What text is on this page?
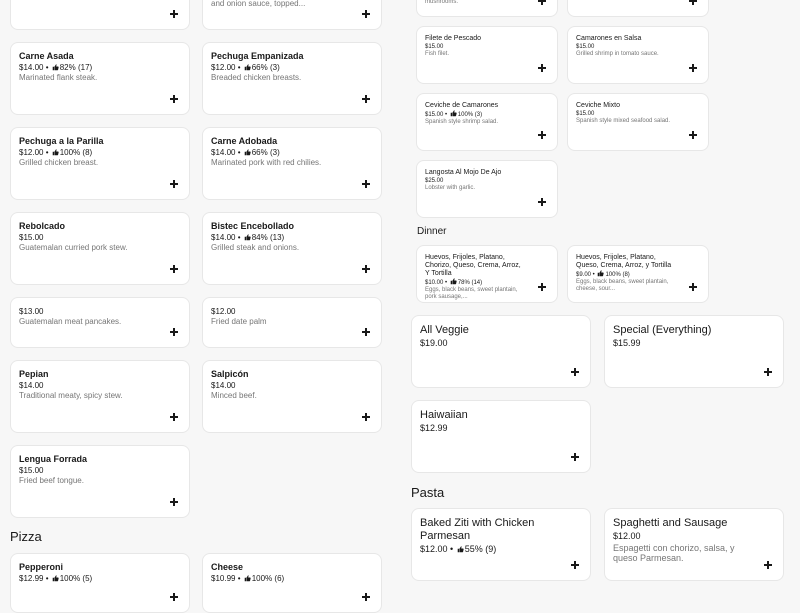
and onion sauce, topped...
Carne Asada
$14.00 • 82% (17)
Marinated flank steak.
Pechuga Empanizada
$12.00 • 66% (3)
Breaded chicken breasts.
Pechuga a la Parilla
$12.00 • 100% (8)
Grilled chicken breast.
Carne Adobada
$14.00 • 66% (3)
Marinated pork with red chilies.
Rebolcado
$15.00
Guatemalan curried pork stew.
Bistec Encebollado
$14.00 • 84% (13)
Grilled steak and onions.
$13.00
Guatemalan meat pancakes.
$12.00
Fried date palm
Pepian
$14.00
Traditional meaty, spicy stew.
Salpicón
$14.00
Minced beef.
Lengua Forrada
$15.00
Fried beef tongue.
Pepperoni
$12.99 • 100% (5)
Cheese
$10.99 • 100% (6)
mushrooms.
Filete de Pescado
$15.00
Fish filet.
Camarones en Salsa
$15.00
Grilled shrimp in tomato sauce.
Ceviche de Camarones
$15.00 • 100% (3)
Spanish style shrimp salad.
Ceviche Mixto
$15.00
Spanish style mixed seafood salad.
Langosta Al Mojo De Ajo
$25.00
Lobster with garlic.
Huevos, Frijoles, Platano, Chorizo, Queso, Crema, Arroz, Y Tortilla
$10.00 • 78% (14)
Eggs, black beans, sweet plantain, pork sausage,...
Huevos, Frijoles, Platano, Queso, Crema, Arroz, y Tortilla
$9.00 • 100% (8)
Eggs, black beans, sweet plantain, cheese, sour...
All Veggie
$19.00
Special (Everything)
$15.99
Haiwaiian
$12.99
Baked Ziti with Chicken Parmesan
$12.00 • 55% (9)
Spaghetti and Sausage
$12.00
Espagetti con chorizo, salsa, y queso Parmesan.
Dinner
Pasta
Pizza
